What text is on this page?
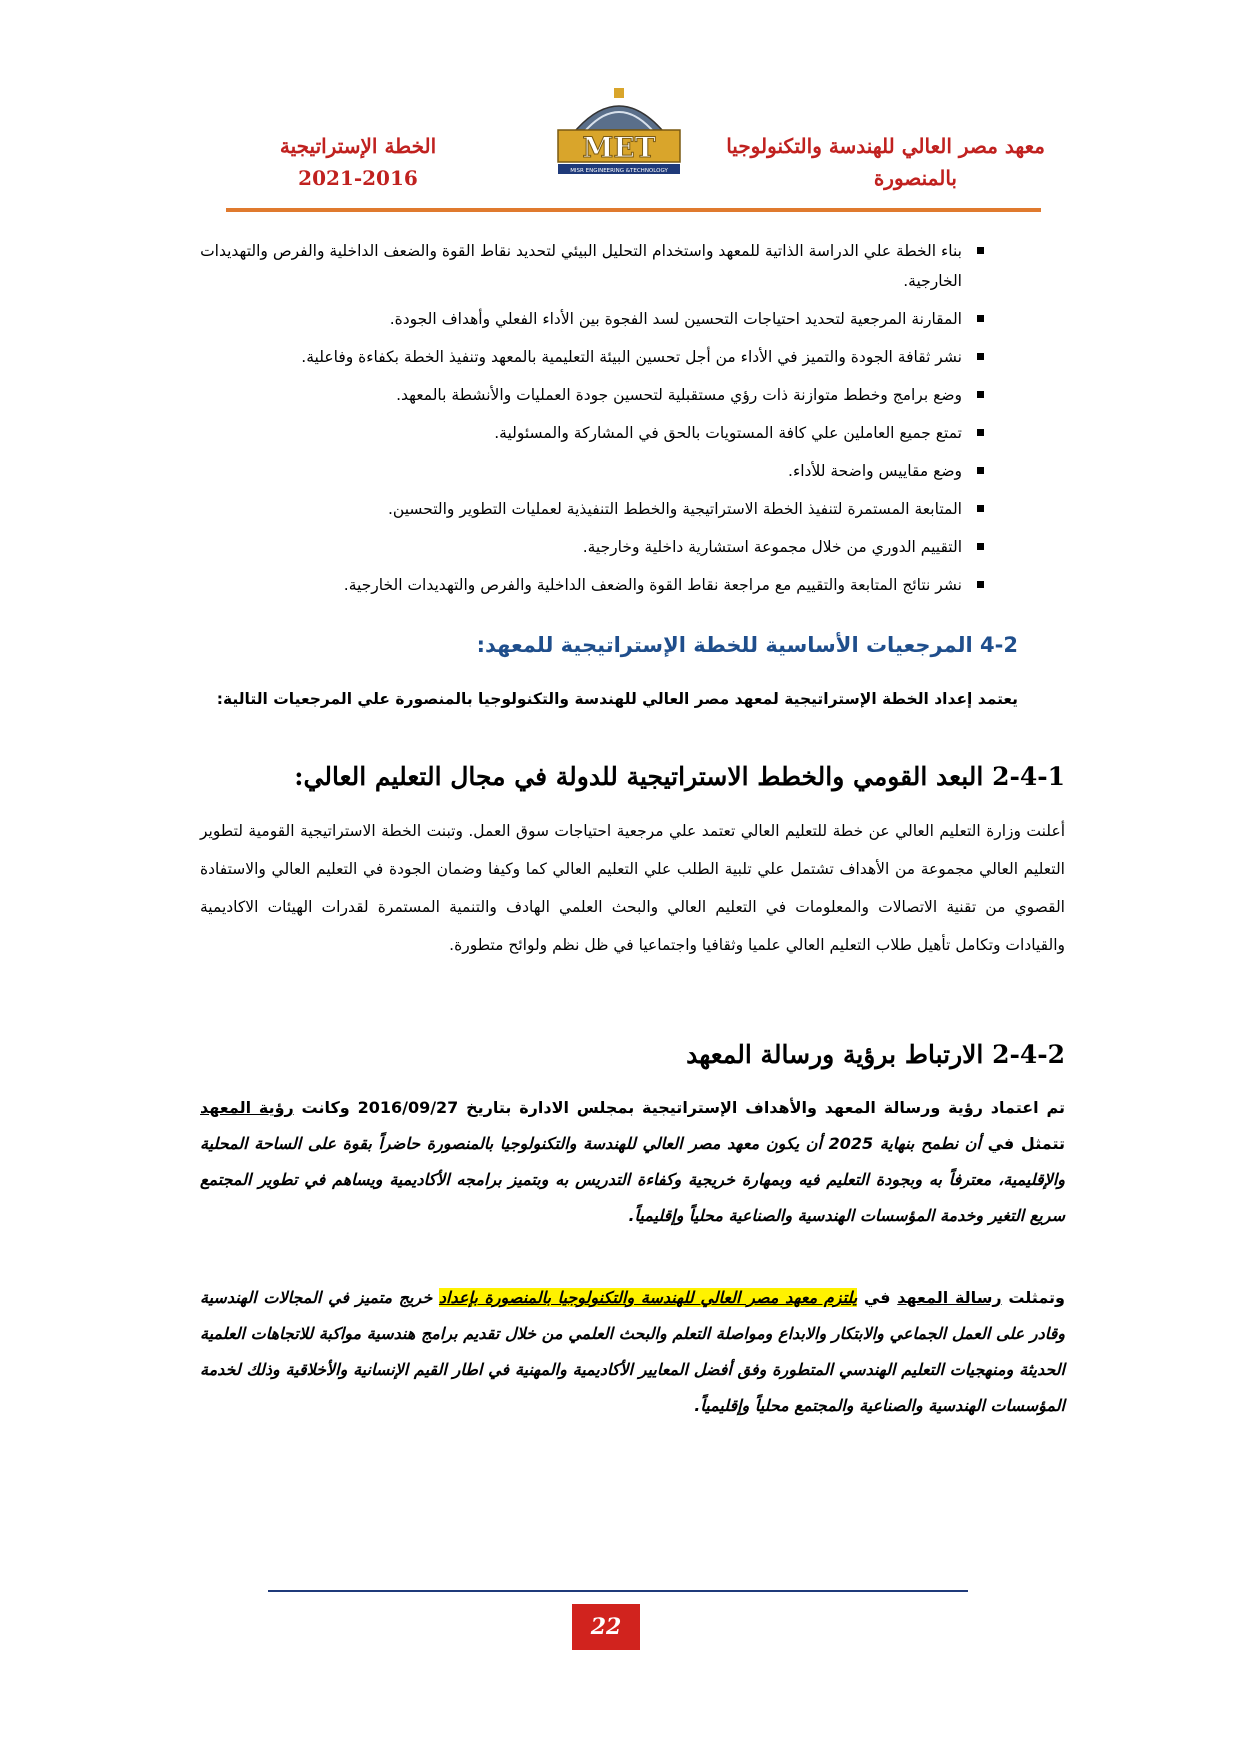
معهد مصر العالي للهندسة والتكنولوجيا
بالمنصورة
MET
MISR ENGINEERING &TECHNOLOGY
الخطة الإستراتيجية
2021-2016
بناء الخطة علي الدراسة الذاتية للمعهد واستخدام التحليل البيئي لتحديد نقاط القوة والضعف الداخلية والفرص والتهديدات الخارجية.
المقارنة المرجعية لتحديد احتياجات التحسين لسد الفجوة بين الأداء الفعلي وأهداف الجودة.
نشر ثقافة الجودة والتميز في الأداء من أجل تحسين البيئة التعليمية بالمعهد وتنفيذ الخطة بكفاءة وفاعلية.
وضع برامج وخطط متوازنة ذات رؤي مستقبلية لتحسين جودة العمليات والأنشطة بالمعهد.
تمتع جميع العاملين علي كافة المستويات بالحق في المشاركة والمسئولية.
وضع مقاييس واضحة للأداء.
المتابعة المستمرة لتنفيذ الخطة الاستراتيجية والخطط التنفيذية لعمليات التطوير والتحسين.
التقييم الدوري من خلال مجموعة استشارية داخلية وخارجية.
نشر نتائج المتابعة والتقييم مع مراجعة نقاط القوة والضعف الداخلية والفرص والتهديدات الخارجية.
4-2 المرجعيات الأساسية للخطة الإستراتيجية للمعهد:
يعتمد إعداد الخطة الإستراتيجية لمعهد مصر العالي للهندسة والتكنولوجيا بالمنصورة علي المرجعيات التالية:
2-4-1 البعد القومي والخطط الاستراتيجية للدولة في مجال التعليم العالي:
أعلنت وزارة التعليم العالي عن خطة للتعليم العالي تعتمد علي مرجعية احتياجات سوق العمل. وتبنت الخطة الاستراتيجية القومية لتطوير التعليم العالي مجموعة من الأهداف تشتمل علي تلبية الطلب علي التعليم العالي كما وكيفا وضمان الجودة في التعليم العالي والاستفادة القصوي من تقنية الاتصالات والمعلومات في التعليم العالي والبحث العلمي الهادف والتنمية المستمرة لقدرات الهيئات الاكاديمية والقيادات وتكامل تأهيل طلاب التعليم العالي علميا وثقافيا واجتماعيا في ظل نظم ولوائح متطورة.
2-4-2 الارتباط برؤية ورسالة المعهد
تم اعتماد رؤية ورسالة المعهد والأهداف الإستراتيجية بمجلس الادارة بتاريخ 2016/09/27 وكانت رؤية المعهد تتمثل في أن نطمح بنهاية 2025 أن يكون معهد مصر العالي للهندسة والتكنولوجيا بالمنصورة حاضراً بقوة على الساحة المحلية والإقليمية، معترفاً به وبجودة التعليم فيه وبمهارة خريجية وكفاءة التدريس به وبتميز برامجه الأكاديمية ويساهم في تطوير المجتمع سريع التغير وخدمة المؤسسات الهندسية والصناعية محلياً وإقليمياً.
وتمثلت رسالة المعهد في يلتزم معهد مصر العالي للهندسة والتكنولوجيا بالمنصورة بإعداد خريج متميز في المجالات الهندسية وقادر على العمل الجماعي والابتكار والابداع ومواصلة التعلم والبحث العلمي من خلال تقديم برامج هندسية مواكبة للاتجاهات العلمية الحديثة ومنهجيات التعليم الهندسي المتطورة وفق أفضل المعايير الأكاديمية والمهنية في اطار القيم الإنسانية والأخلاقية وذلك لخدمة المؤسسات الهندسية والصناعية والمجتمع محلياً وإقليمياً.
22
